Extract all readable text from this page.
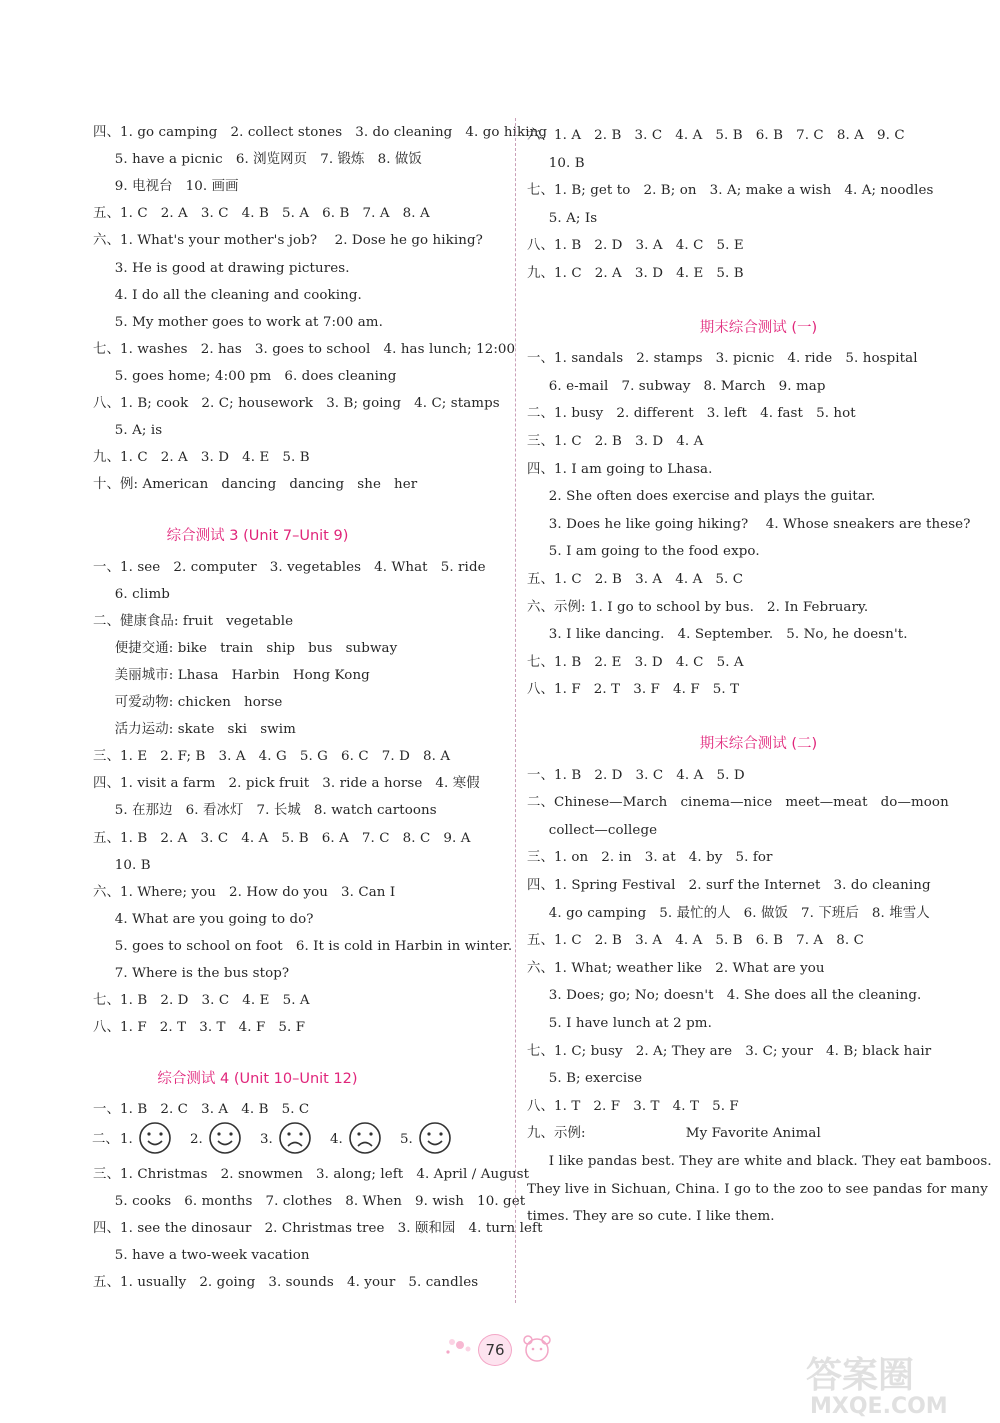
四、1. go camping   2. collect stones   3. do cleaning   4. go hiking
5. have a picnic   6. 浏览网页   7. 锻炼   8. 做饭
9. 电视台   10. 画画
五、1. C   2. A   3. C   4. B   5. A   6. B   7. A   8. A
六、1. What's your mother's job?    2. Dose he go hiking?
3. He is good at drawing pictures.
4. I do all the cleaning and cooking.
5. My mother goes to work at 7:00 am.
七、1. washes   2. has   3. goes to school   4. has lunch; 12:00
5. goes home; 4:00 pm   6. does cleaning
八、1. B; cook   2. C; housework   3. B; going   4. C; stamps
5. A; is
九、1. C   2. A   3. D   4. E   5. B
十、例: American   dancing   dancing   she   her
综合测试 3 (Unit 7–Unit 9)
一、1. see   2. computer   3. vegetables   4. What   5. ride
6. climb
二、健康食品: fruit   vegetable
便捷交通: bike   train   ship   bus   subway
美丽城市: Lhasa   Harbin   Hong Kong
可爱动物: chicken   horse
活力运动: skate   ski   swim
三、1. E   2. F; B   3. A   4. G   5. G   6. C   7. D   8. A
四、1. visit a farm   2. pick fruit   3. ride a horse   4. 寒假
5. 在那边   6. 看冰灯   7. 长城   8. watch cartoons
五、1. B   2. A   3. C   4. A   5. B   6. A   7. C   8. C   9. A
10. B
六、1. Where; you   2. How do you   3. Can I
4. What are you going to do?
5. goes to school on foot   6. It is cold in Harbin in winter.
7. Where is the bus stop?
七、1. B   2. D   3. C   4. E   5. A
八、1. F   2. T   3. T   4. F   5. F
综合测试 4 (Unit 10–Unit 12)
一、1. B   2. C   3. A   4. B   5. C
三、1. Christmas   2. snowmen   3. along; left   4. April / August
5. cooks   6. months   7. clothes   8. When   9. wish   10. get
四、1. see the dinosaur   2. Christmas tree   3. 颐和园   4. turn left
5. have a two-week vacation
五、1. usually   2. going   3. sounds   4. your   5. candles
六、1. A   2. B   3. C   4. A   5. B   6. B   7. C   8. A   9. C
10. B
七、1. B; get to   2. B; on   3. A; make a wish   4. A; noodles
5. A; Is
八、1. B   2. D   3. A   4. C   5. E
九、1. C   2. A   3. D   4. E   5. B
期末综合测试 (一)
一、1. sandals   2. stamps   3. picnic   4. ride   5. hospital
6. e-mail   7. subway   8. March   9. map
二、1. busy   2. different   3. left   4. fast   5. hot
三、1. C   2. B   3. D   4. A
四、1. I am going to Lhasa.
2. She often does exercise and plays the guitar.
3. Does he like going hiking?    4. Whose sneakers are these?
5. I am going to the food expo.
五、1. C   2. B   3. A   4. A   5. C
六、示例: 1. I go to school by bus.   2. In February.
3. I like dancing.   4. September.   5. No, he doesn't.
七、1. B   2. E   3. D   4. C   5. A
八、1. F   2. T   3. F   4. F   5. T
期末综合测试 (二)
一、1. B   2. D   3. C   4. A   5. D
二、Chinese—March   cinema—nice   meet—meat   do—moon
collect—college
三、1. on   2. in   3. at   4. by   5. for
四、1. Spring Festival   2. surf the Internet   3. do cleaning
4. go camping   5. 最忙的人   6. 做饭   7. 下班后   8. 堆雪人
五、1. C   2. B   3. A   4. A   5. B   6. B   7. A   8. C
六、1. What; weather like   2. What are you
3. Does; go; No; doesn't   4. She does all the cleaning.
5. I have lunch at 2 pm.
七、1. C; busy   2. A; They are   3. C; your   4. B; black hair
5. B; exercise
八、1. T   2. F   3. T   4. T   5. F
九、示例:                       My Favorite Animal
I like pandas best. They are white and black. They eat bamboos.
They live in Sichuan, China. I go to the zoo to see pandas for many
times. They are so cute. I like them.
二、 1.	2.	3.	4.	5.
76
答案圈
MXQE.COM
